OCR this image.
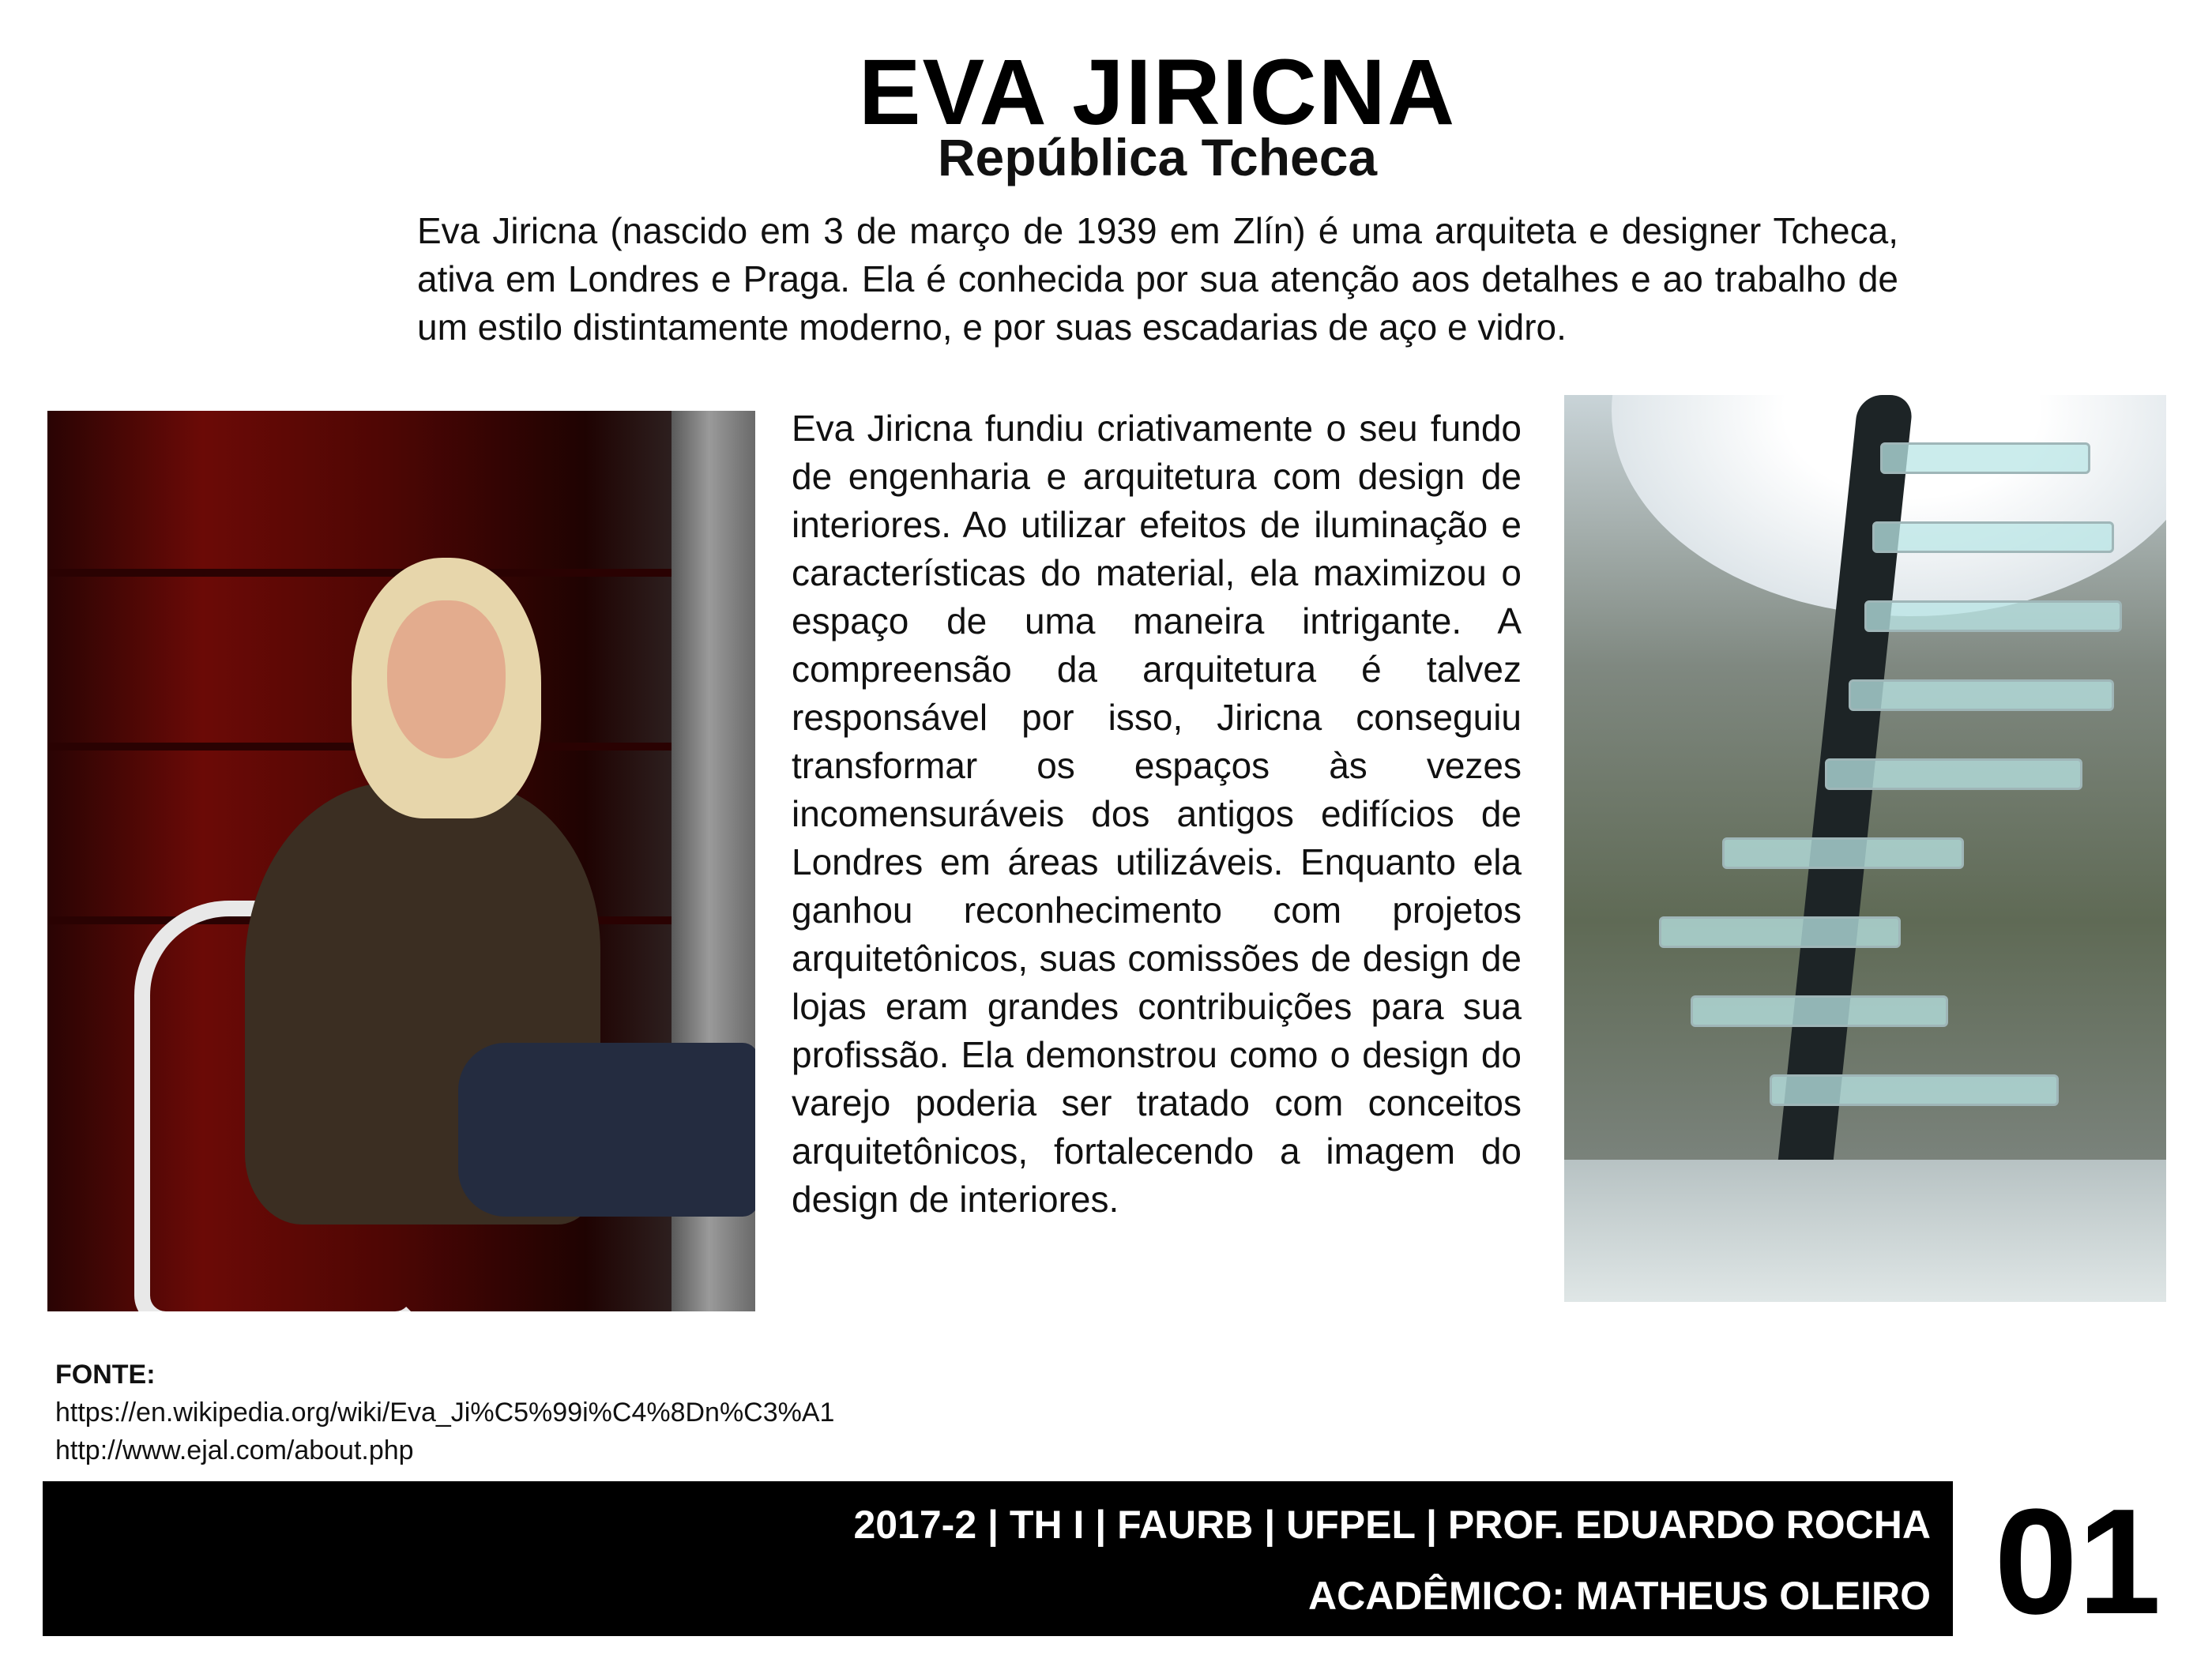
EVA JIRICNA
República Tcheca

Eva Jiricna (nascido em 3 de março de 1939 em Zlín) é uma arquiteta e designer Tcheca, ativa em Londres e Praga. Ela é conhecida por sua atenção aos detalhes e ao trabalho de um estilo distintamente moderno, e por suas escadarias de aço e vidro.

Eva Jiricna fundiu criativamente o seu fundo de engenharia e arquitetura com design de interiores. Ao utilizar efeitos de iluminação e características do material, ela maximizou o espaço de uma maneira intrigante. A compreensão da arquitetura é talvez responsável por isso, Jiricna conseguiu transformar os espaços às vezes incomensuráveis dos antigos edifícios de Londres em áreas utilizáveis. Enquanto ela ganhou reconhecimento com projetos arquitetônicos, suas comissões de design de lojas eram grandes contribuições para sua profissão. Ela demonstrou como o design do varejo poderia ser tratado com conceitos arquitetônicos, fortalecendo a imagem do design de interiores.

FONTE:
https://en.wikipedia.org/wiki/Eva_Ji%C5%99i%C4%8Dn%C3%A1
http://www.ejal.com/about.php
2017-2 | TH I | FAURB | UFPEL | PROF. EDUARDO ROCHA
ACADÊMICO: MATHEUS OLEIRO 01
